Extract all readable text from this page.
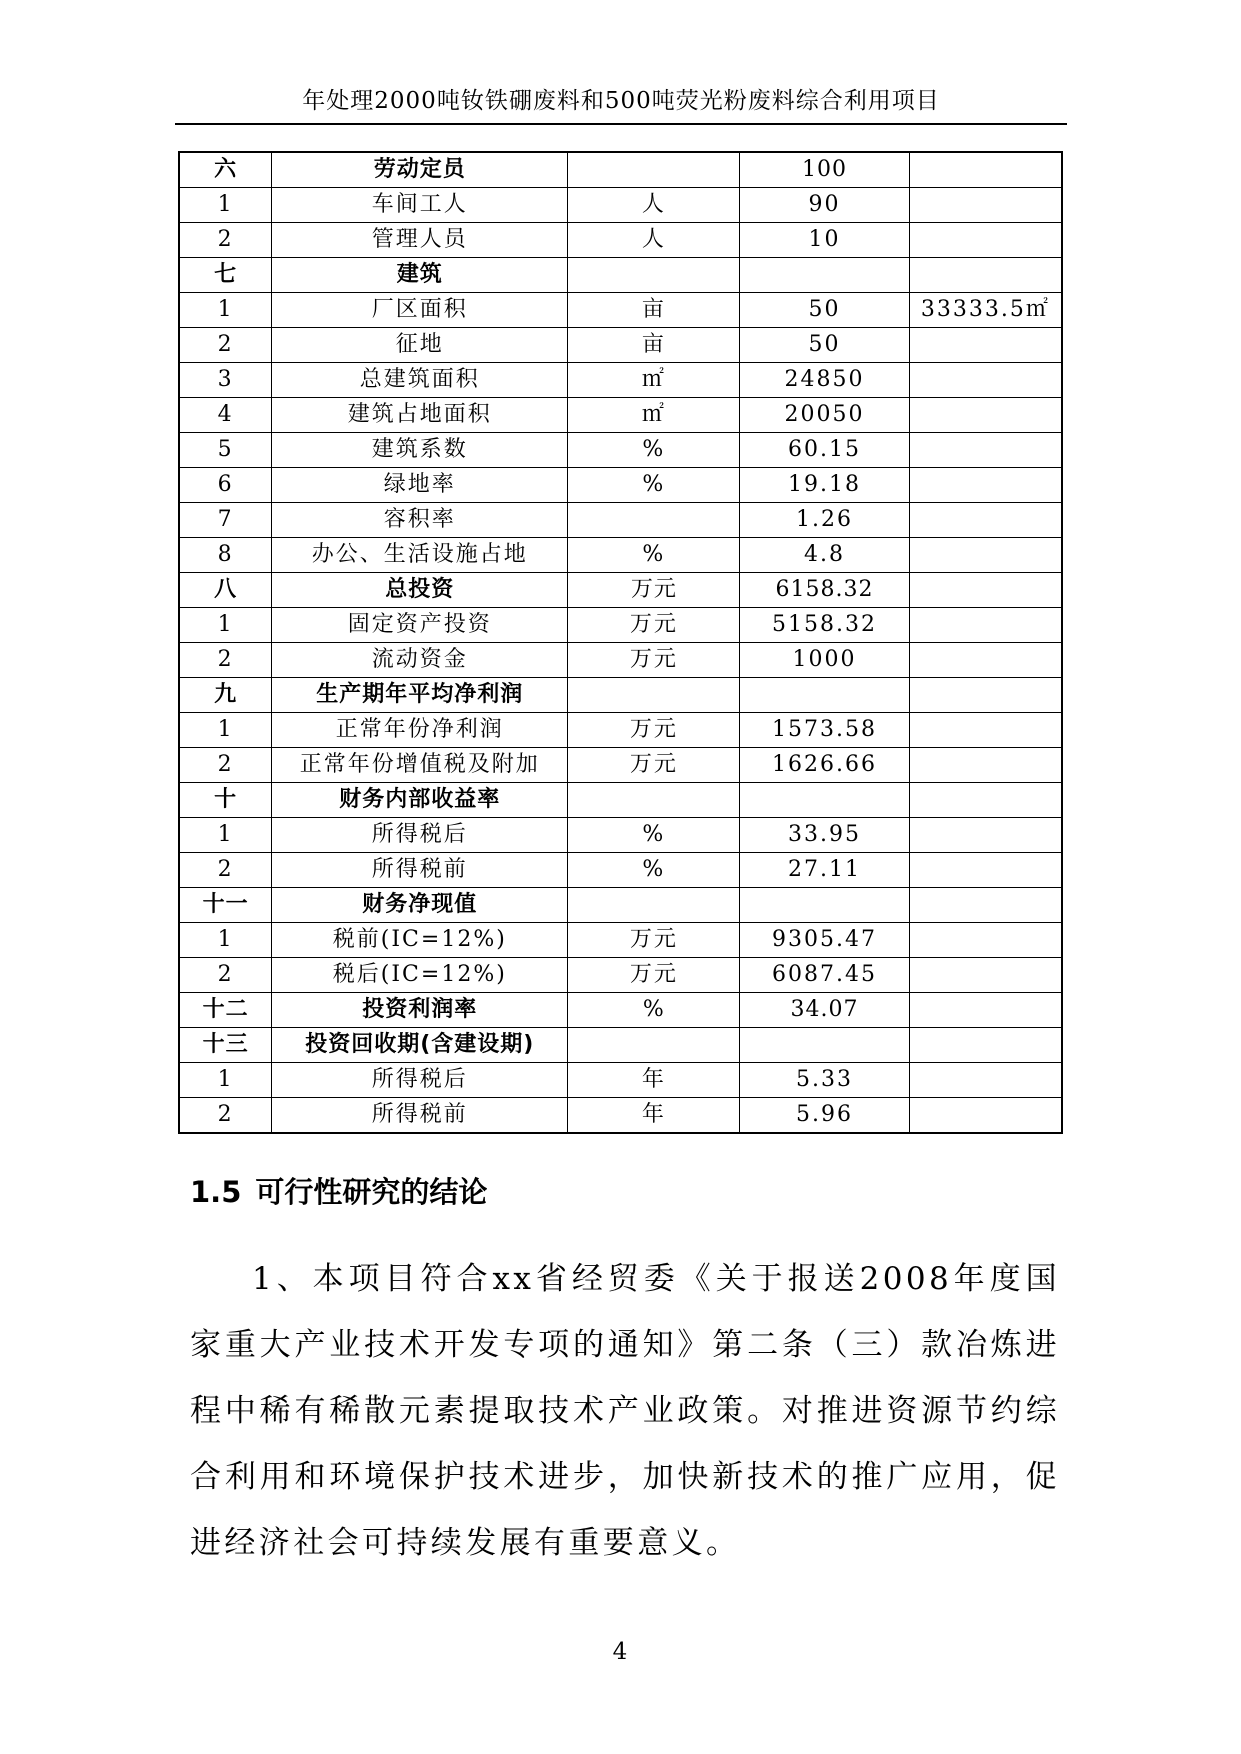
年处理2000吨钕铁硼废料和500吨荧光粉废料综合利用项目
六	劳动定员		100	
1	车间工人	人	90	
2	管理人员	人	10	
七	建筑			
1	厂区面积	亩	50	33333.5㎡
2	征地	亩	50	
3	总建筑面积	㎡	24850	
4	建筑占地面积	㎡	20050	
5	建筑系数	%	60.15	
6	绿地率	%	19.18	
7	容积率		1.26	
8	办公、生活设施占地	%	4.8	
八	总投资	万元	6158.32	
1	固定资产投资	万元	5158.32	
2	流动资金	万元	1000	
九	生产期年平均净利润			
1	正常年份净利润	万元	1573.58	
2	正常年份增值税及附加	万元	1626.66	
十	财务内部收益率			
1	所得税后	%	33.95	
2	所得税前	%	27.11	
十一	财务净现值			
1	税前(IC=12%)	万元	9305.47	
2	税后(IC=12%)	万元	6087.45	
十二	投资利润率	%	34.07	
十三	投资回收期(含建设期)			
1	所得税后	年	5.33	
2	所得税前	年	5.96	
1.5 可行性研究的结论

1、本项目符合xx省经贸委《关于报送2008年度国家重大产业技术开发专项的通知》第二条（三）款冶炼进程中稀有稀散元素提取技术产业政策。对推进资源节约综合利用和环境保护技术进步，加快新技术的推广应用，促进经济社会可持续发展有重要意义。

4
